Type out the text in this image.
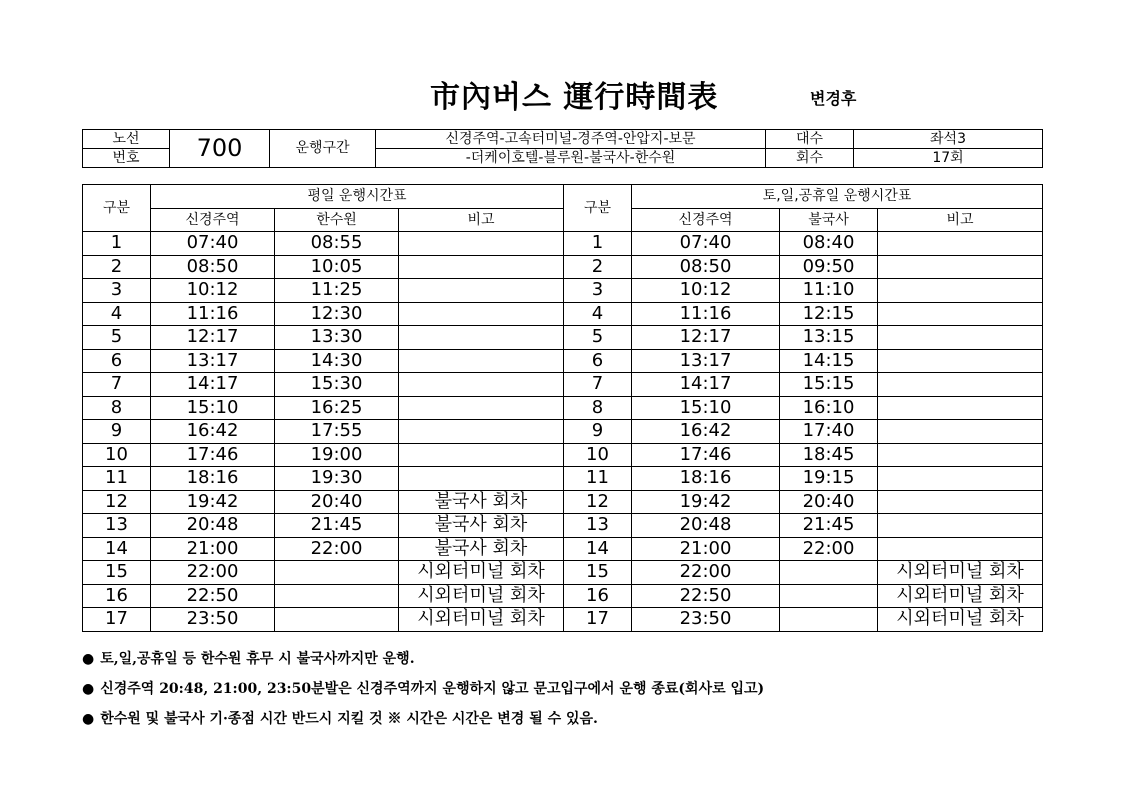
市內버스 運行時間表	변경후
노선	700	운행구간	신경주역-고속터미널-경주역-안압지-보문	대수	좌석3
번호			-더케이호텔-블루원-불국사-한수원	회수	17회
구분	평일 운행시간표			구분	토,일,공휴일 운행시간표		
	신경주역	한수원	비고		신경주역	불국사	비고
1	07:40	08:55		1	07:40	08:40	
2	08:50	10:05		2	08:50	09:50	
3	10:12	11:25		3	10:12	11:10	
4	11:16	12:30		4	11:16	12:15	
5	12:17	13:30		5	12:17	13:15	
6	13:17	14:30		6	13:17	14:15	
7	14:17	15:30		7	14:17	15:15	
8	15:10	16:25		8	15:10	16:10	
9	16:42	17:55		9	16:42	17:40	
10	17:46	19:00		10	17:46	18:45	
11	18:16	19:30		11	18:16	19:15	
12	19:42	20:40	불국사 회차	12	19:42	20:40	
13	20:48	21:45	불국사 회차	13	20:48	21:45	
14	21:00	22:00	불국사 회차	14	21:00	22:00	
15	22:00		시외터미널 회차	15	22:00		시외터미널 회차
16	22:50		시외터미널 회차	16	22:50		시외터미널 회차
17	23:50		시외터미널 회차	17	23:50		시외터미널 회차
● 토,일,공휴일 등 한수원 휴무 시 불국사까지만 운행.
● 신경주역 20:48, 21:00, 23:50분발은 신경주역까지 운행하지 않고 문고입구에서 운행 종료(회사로 입고)
● 한수원 및 불국사 기·종점 시간 반드시 지킬 것 ※ 시간은 시간은 변경 될 수 있음.
